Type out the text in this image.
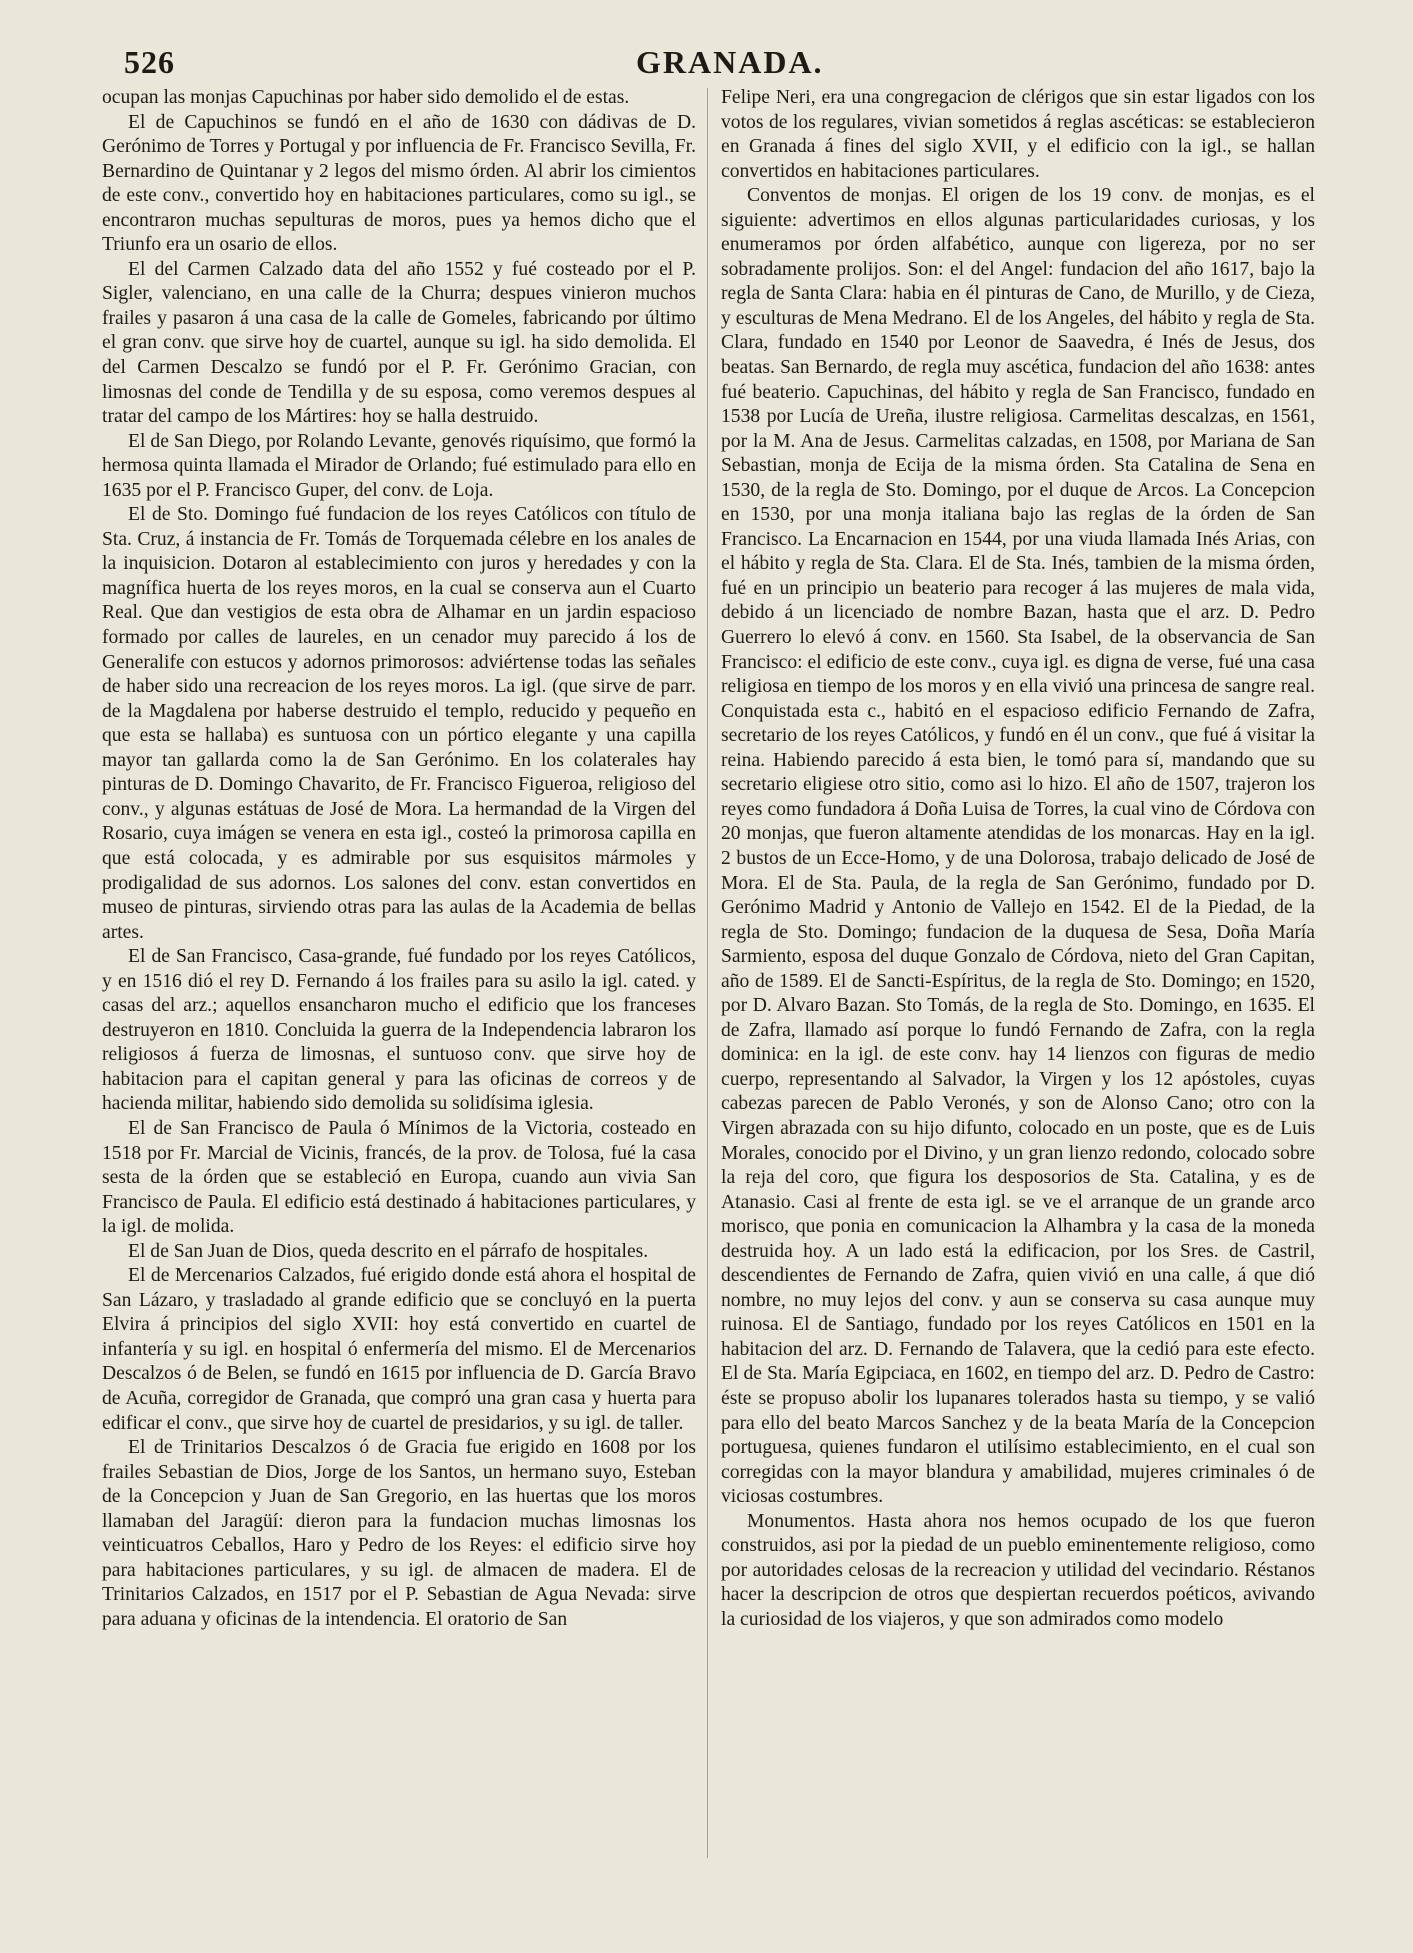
526	GRANADA.

ocupan las monjas Capuchinas por haber sido demolido el de estas.

El de Capuchinos se fundó en el año de 1630 con dádivas de D. Gerónimo de Torres y Portugal y por influencia de Fr. Francisco Sevilla, Fr. Bernardino de Quintanar y 2 legos del mismo órden. Al abrir los cimientos de este conv., convertido hoy en habitaciones particulares, como su igl., se encontraron muchas sepulturas de moros, pues ya hemos dicho que el Triunfo era un osario de ellos.

El del Carmen Calzado data del año 1552 y fué costeado por el P. Sigler, valenciano, en una calle de la Churra; despues vinieron muchos frailes y pasaron á una casa de la calle de Gomeles, fabricando por último el gran conv. que sirve hoy de cuartel, aunque su igl. ha sido demolida. El del Carmen Descalzo se fundó por el P. Fr. Gerónimo Gracian, con limosnas del conde de Tendilla y de su esposa, como veremos despues al tratar del campo de los Mártires: hoy se halla destruido.

El de San Diego, por Rolando Levante, genovés riquísimo, que formó la hermosa quinta llamada el Mirador de Orlando; fué estimulado para ello en 1635 por el P. Francisco Guper, del conv. de Loja.

El de Sto. Domingo fué fundacion de los reyes Católicos con título de Sta. Cruz, á instancia de Fr. Tomás de Torquemada célebre en los anales de la inquisicion. Dotaron al establecimiento con juros y heredades y con la magnífica huerta de los reyes moros, en la cual se conserva aun el Cuarto Real. Que dan vestigios de esta obra de Alhamar en un jardin espacioso formado por calles de laureles, en un cenador muy parecido á los de Generalife con estucos y adornos primorosos: adviértense todas las señales de haber sido una recreacion de los reyes moros. La igl. (que sirve de parr. de la Magdalena por haberse destruido el templo, reducido y pequeño en que esta se hallaba) es suntuosa con un pórtico elegante y una capilla mayor tan gallarda como la de San Gerónimo. En los colaterales hay pinturas de D. Domingo Chavarito, de Fr. Francisco Figueroa, religioso del conv., y algunas estátuas de José de Mora. La hermandad de la Virgen del Rosario, cuya imágen se venera en esta igl., costeó la primorosa capilla en que está colocada, y es admirable por sus esquisitos mármoles y prodigalidad de sus adornos. Los salones del conv. estan convertidos en museo de pinturas, sirviendo otras para las aulas de la Academia de bellas artes.

El de San Francisco, Casa-grande, fué fundado por los reyes Católicos, y en 1516 dió el rey D. Fernando á los frailes para su asilo la igl. cated. y casas del arz.; aquellos ensancharon mucho el edificio que los franceses destruyeron en 1810. Concluida la guerra de la Independencia labraron los religiosos á fuerza de limosnas, el suntuoso conv. que sirve hoy de habitacion para el capitan general y para las oficinas de correos y de hacienda militar, habiendo sido demolida su solidísima iglesia.

El de San Francisco de Paula ó Mínimos de la Victoria, costeado en 1518 por Fr. Marcial de Vicinis, francés, de la prov. de Tolosa, fué la casa sesta de la órden que se estableció en Europa, cuando aun vivia San Francisco de Paula. El edificio está destinado á habitaciones particulares, y la igl. de molida.

El de San Juan de Dios, queda descrito en el párrafo de hospitales.

El de Mercenarios Calzados, fué erigido donde está ahora el hospital de San Lázaro, y trasladado al grande edificio que se concluyó en la puerta Elvira á principios del siglo XVII: hoy está convertido en cuartel de infantería y su igl. en hospital ó enfermería del mismo. El de Mercenarios Descalzos ó de Belen, se fundó en 1615 por influencia de D. García Bravo de Acuña, corregidor de Granada, que compró una gran casa y huerta para edificar el conv., que sirve hoy de cuartel de presidarios, y su igl. de taller.

El de Trinitarios Descalzos ó de Gracia fue erigido en 1608 por los frailes Sebastian de Dios, Jorge de los Santos, un hermano suyo, Esteban de la Concepcion y Juan de San Gregorio, en las huertas que los moros llamaban del Jaragüí: dieron para la fundacion muchas limosnas los veinticuatros Ceballos, Haro y Pedro de los Reyes: el edificio sirve hoy para habitaciones particulares, y su igl. de almacen de madera. El de Trinitarios Calzados, en 1517 por el P. Sebastian de Agua Nevada: sirve para aduana y oficinas de la intendencia. El oratorio de San

Felipe Neri, era una congregacion de clérigos que sin estar ligados con los votos de los regulares, vivian sometidos á reglas ascéticas: se establecieron en Granada á fines del siglo XVII, y el edificio con la igl., se hallan convertidos en habitaciones particulares.

Conventos de monjas. El origen de los 19 conv. de monjas, es el siguiente: advertimos en ellos algunas particularidades curiosas, y los enumeramos por órden alfabético, aunque con ligereza, por no ser sobradamente prolijos. Son: el del Angel: fundacion del año 1617, bajo la regla de Santa Clara: habia en él pinturas de Cano, de Murillo, y de Cieza, y esculturas de Mena Medrano. El de los Angeles, del hábito y regla de Sta. Clara, fundado en 1540 por Leonor de Saavedra, é Inés de Jesus, dos beatas. San Bernardo, de regla muy ascética, fundacion del año 1638: antes fué beaterio. Capuchinas, del hábito y regla de San Francisco, fundado en 1538 por Lucía de Ureña, ilustre religiosa. Carmelitas descalzas, en 1561, por la M. Ana de Jesus. Carmelitas calzadas, en 1508, por Mariana de San Sebastian, monja de Ecija de la misma órden. Sta Catalina de Sena en 1530, de la regla de Sto. Domingo, por el duque de Arcos. La Concepcion en 1530, por una monja italiana bajo las reglas de la órden de San Francisco. La Encarnacion en 1544, por una viuda llamada Inés Arias, con el hábito y regla de Sta. Clara. El de Sta. Inés, tambien de la misma órden, fué en un principio un beaterio para recoger á las mujeres de mala vida, debido á un licenciado de nombre Bazan, hasta que el arz. D. Pedro Guerrero lo elevó á conv. en 1560. Sta Isabel, de la observancia de San Francisco: el edificio de este conv., cuya igl. es digna de verse, fué una casa religiosa en tiempo de los moros y en ella vivió una princesa de sangre real. Conquistada esta c., habitó en el espacioso edificio Fernando de Zafra, secretario de los reyes Católicos, y fundó en él un conv., que fué á visitar la reina. Habiendo parecido á esta bien, le tomó para sí, mandando que su secretario eligiese otro sitio, como asi lo hizo. El año de 1507, trajeron los reyes como fundadora á Doña Luisa de Torres, la cual vino de Córdova con 20 monjas, que fueron altamente atendidas de los monarcas. Hay en la igl. 2 bustos de un Ecce-Homo, y de una Dolorosa, trabajo delicado de José de Mora. El de Sta. Paula, de la regla de San Gerónimo, fundado por D. Gerónimo Madrid y Antonio de Vallejo en 1542. El de la Piedad, de la regla de Sto. Domingo; fundacion de la duquesa de Sesa, Doña María Sarmiento, esposa del duque Gonzalo de Córdova, nieto del Gran Capitan, año de 1589. El de Sancti-Espíritus, de la regla de Sto. Domingo; en 1520, por D. Alvaro Bazan. Sto Tomás, de la regla de Sto. Domingo, en 1635. El de Zafra, llamado así porque lo fundó Fernando de Zafra, con la regla dominica: en la igl. de este conv. hay 14 lienzos con figuras de medio cuerpo, representando al Salvador, la Virgen y los 12 apóstoles, cuyas cabezas parecen de Pablo Veronés, y son de Alonso Cano; otro con la Virgen abrazada con su hijo difunto, colocado en un poste, que es de Luis Morales, conocido por el Divino, y un gran lienzo redondo, colocado sobre la reja del coro, que figura los desposorios de Sta. Catalina, y es de Atanasio. Casi al frente de esta igl. se ve el arranque de un grande arco morisco, que ponia en comunicacion la Alhambra y la casa de la moneda destruida hoy. A un lado está la edificacion, por los Sres. de Castril, descendientes de Fernando de Zafra, quien vivió en una calle, á que dió nombre, no muy lejos del conv. y aun se conserva su casa aunque muy ruinosa. El de Santiago, fundado por los reyes Católicos en 1501 en la habitacion del arz. D. Fernando de Talavera, que la cedió para este efecto. El de Sta. María Egipciaca, en 1602, en tiempo del arz. D. Pedro de Castro: éste se propuso abolir los lupanares tolerados hasta su tiempo, y se valió para ello del beato Marcos Sanchez y de la beata María de la Concepcion portuguesa, quienes fundaron el utilísimo establecimiento, en el cual son corregidas con la mayor blandura y amabilidad, mujeres criminales ó de viciosas costumbres.

Monumentos. Hasta ahora nos hemos ocupado de los que fueron construidos, asi por la piedad de un pueblo eminentemente religioso, como por autoridades celosas de la recreacion y utilidad del vecindario. Réstanos hacer la descripcion de otros que despiertan recuerdos poéticos, avivando la curiosidad de los viajeros, y que son admirados como modelo
